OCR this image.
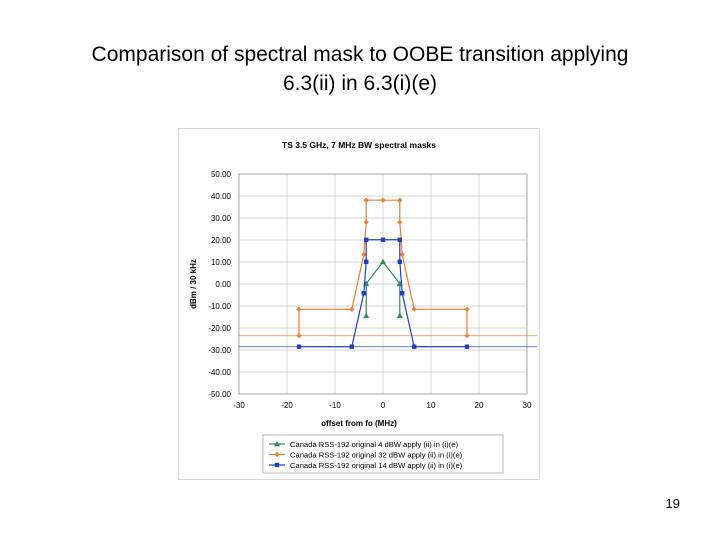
Comparison of spectral mask to OOBE transition applying
6.3(ii) in 6.3(i)(e)
TS 3.5 GHz, 7 MHz BW spectral masks
dBm / 30 kHz
offset from fo (MHz)
50.00
40.00
30.00
20.00
10.00
0.00
-10.00
-20.00
-30.00
-40.00
-50.00
-30	-20	-10	0	10	20	30
Canada RSS-192 original 4 dBW apply (ii) in (i)(e)
Canada RSS-192 original 32 dBW apply (ii) in (i)(e)
Canada RSS-192 original 14 dBW apply (ii) in (i)(e)
19
